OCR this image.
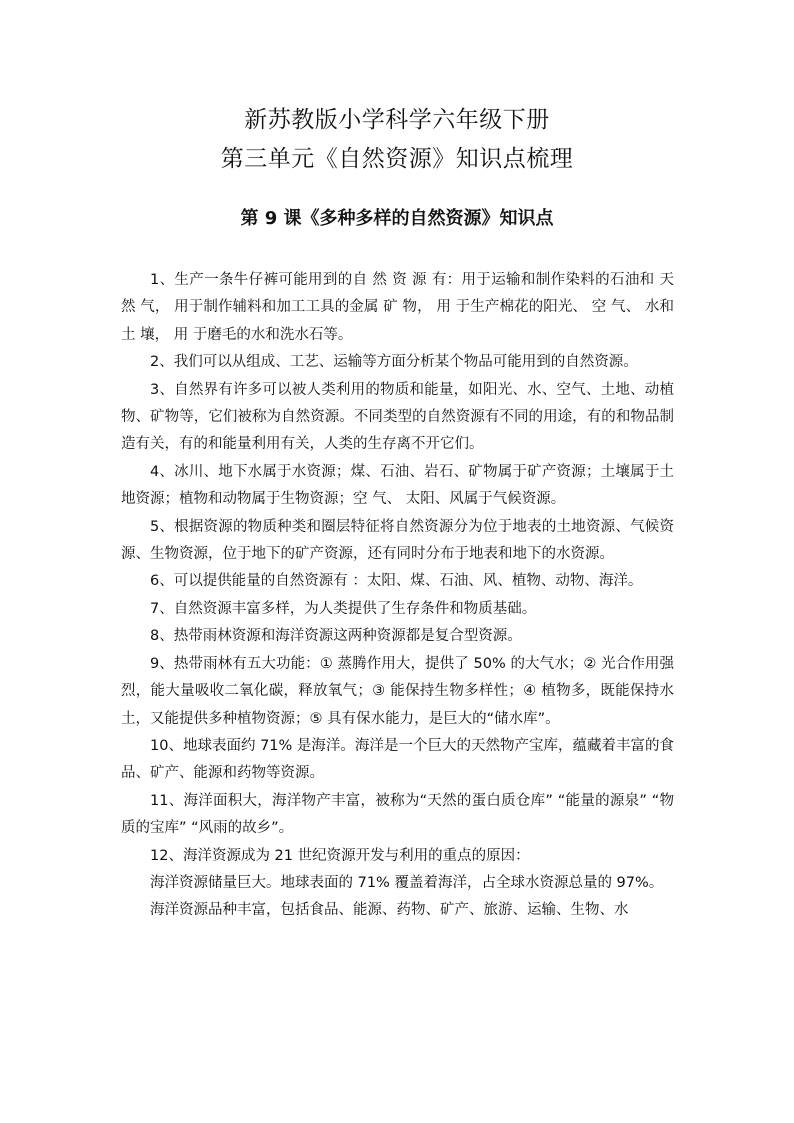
新苏教版小学科学六年级下册
第三单元《自然资源》知识点梳理
第 9 课《多种多样的自然资源》知识点

1、生产一条牛仔裤可能用到的自 然 资 源 有：用于运输和制作染料的石油和 天 然 气， 用于制作辅料和加工工具的金属 矿 物， 用 于生产棉花的阳光、 空 气、 水和 土 壤， 用 于磨毛的水和洗水石等。

2、我们可以从组成、工艺、运输等方面分析某个物品可能用到的自然资源。

3、自然界有许多可以被人类利用的物质和能量，如阳光、水、空气、土地、动植物、矿物等，它们被称为自然资源。不同类型的自然资源有不同的用途，有的和物品制造有关，有的和能量利用有关，人类的生存离不开它们。

4、冰川、地下水属于水资源；煤、石油、岩石、矿物属于矿产资源；土壤属于土地资源；植物和动物属于生物资源；空 气、 太阳、风属于气候资源。

5、根据资源的物质种类和圈层特征将自然资源分为位于地表的土地资源、气候资源、生物资源，位于地下的矿产资源，还有同时分布于地表和地下的水资源。

6、可以提供能量的自然资源有 ：太阳、煤、石油、风、植物、动物、海洋。

7、自然资源丰富多样，为人类提供了生存条件和物质基础。

8、热带雨林资源和海洋资源这两种资源都是复合型资源。

9、热带雨林有五大功能：① 蒸腾作用大，提供了 50% 的大气水；② 光合作用强烈，能大量吸收二氧化碳，释放氧气；③ 能保持生物多样性；④ 植物多，既能保持水土，又能提供多种植物资源；⑤ 具有保水能力，是巨大的“储水库”。

10、地球表面约 71% 是海洋。海洋是一个巨大的天然物产宝库，蕴藏着丰富的食品、矿产、能源和药物等资源。

11、海洋面积大，海洋物产丰富，被称为“天然的蛋白质仓库” “能量的源泉” “物质的宝库” “风雨的故乡”。

12、海洋资源成为 21 世纪资源开发与利用的重点的原因：

海洋资源储量巨大。地球表面的 71% 覆盖着海洋，占全球水资源总量的 97%。

海洋资源品种丰富，包括食品、能源、药物、矿产、旅游、运输、生物、水
